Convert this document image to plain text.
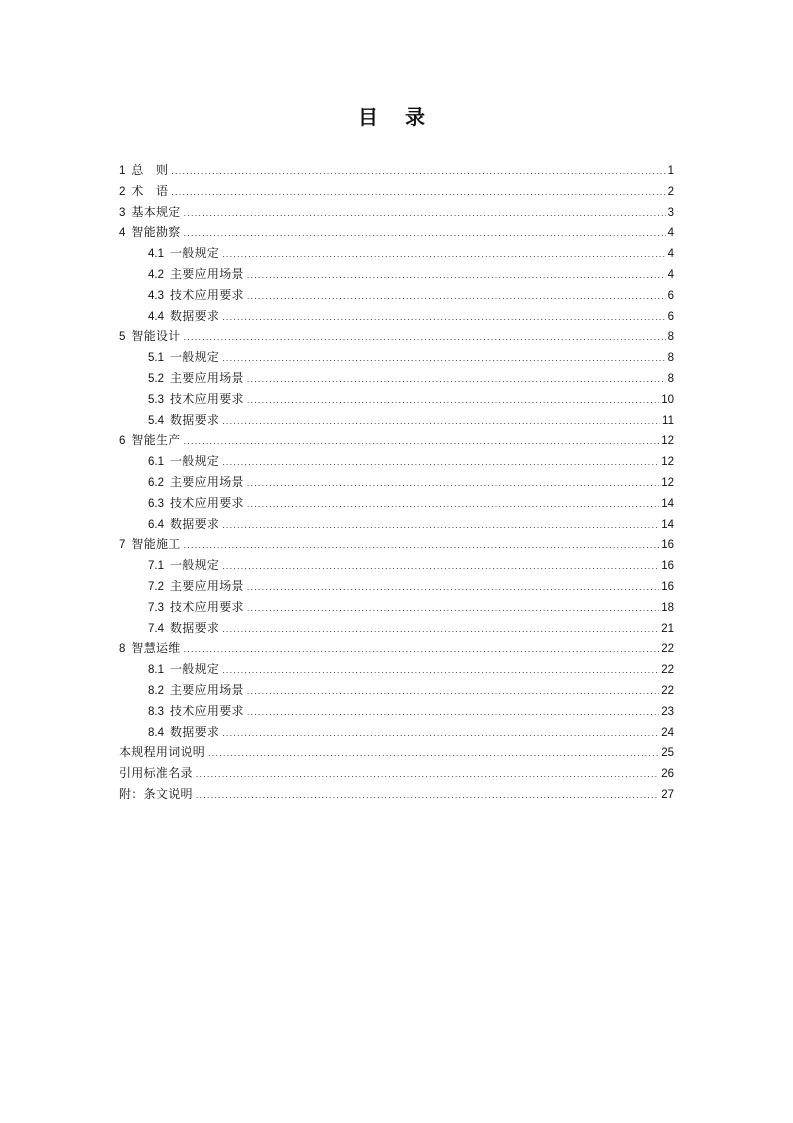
目 录
1 总　则 .....	1
2 术　语 .....	2
3 基本规定 .....	3
4 智能勘察 .....	4
4.1 一般规定 .....	4
4.2 主要应用场景 .....	4
4.3 技术应用要求 .....	6
4.4 数据要求 .....	6
5 智能设计 .....	8
5.1 一般规定 .....	8
5.2 主要应用场景 .....	8
5.3 技术应用要求 .....	10
5.4 数据要求 .....	11
6 智能生产 .....	12
6.1 一般规定 .....	12
6.2 主要应用场景 .....	12
6.3 技术应用要求 .....	14
6.4 数据要求 .....	14
7 智能施工 .....	16
7.1 一般规定 .....	16
7.2 主要应用场景 .....	16
7.3 技术应用要求 .....	18
7.4 数据要求 .....	21
8 智慧运维 .....	22
8.1 一般规定 .....	22
8.2 主要应用场景 .....	22
8.3 技术应用要求 .....	23
8.4 数据要求 .....	24
本规程用词说明 .....	25
引用标准名录 .....	26
附：条文说明 .....	27
